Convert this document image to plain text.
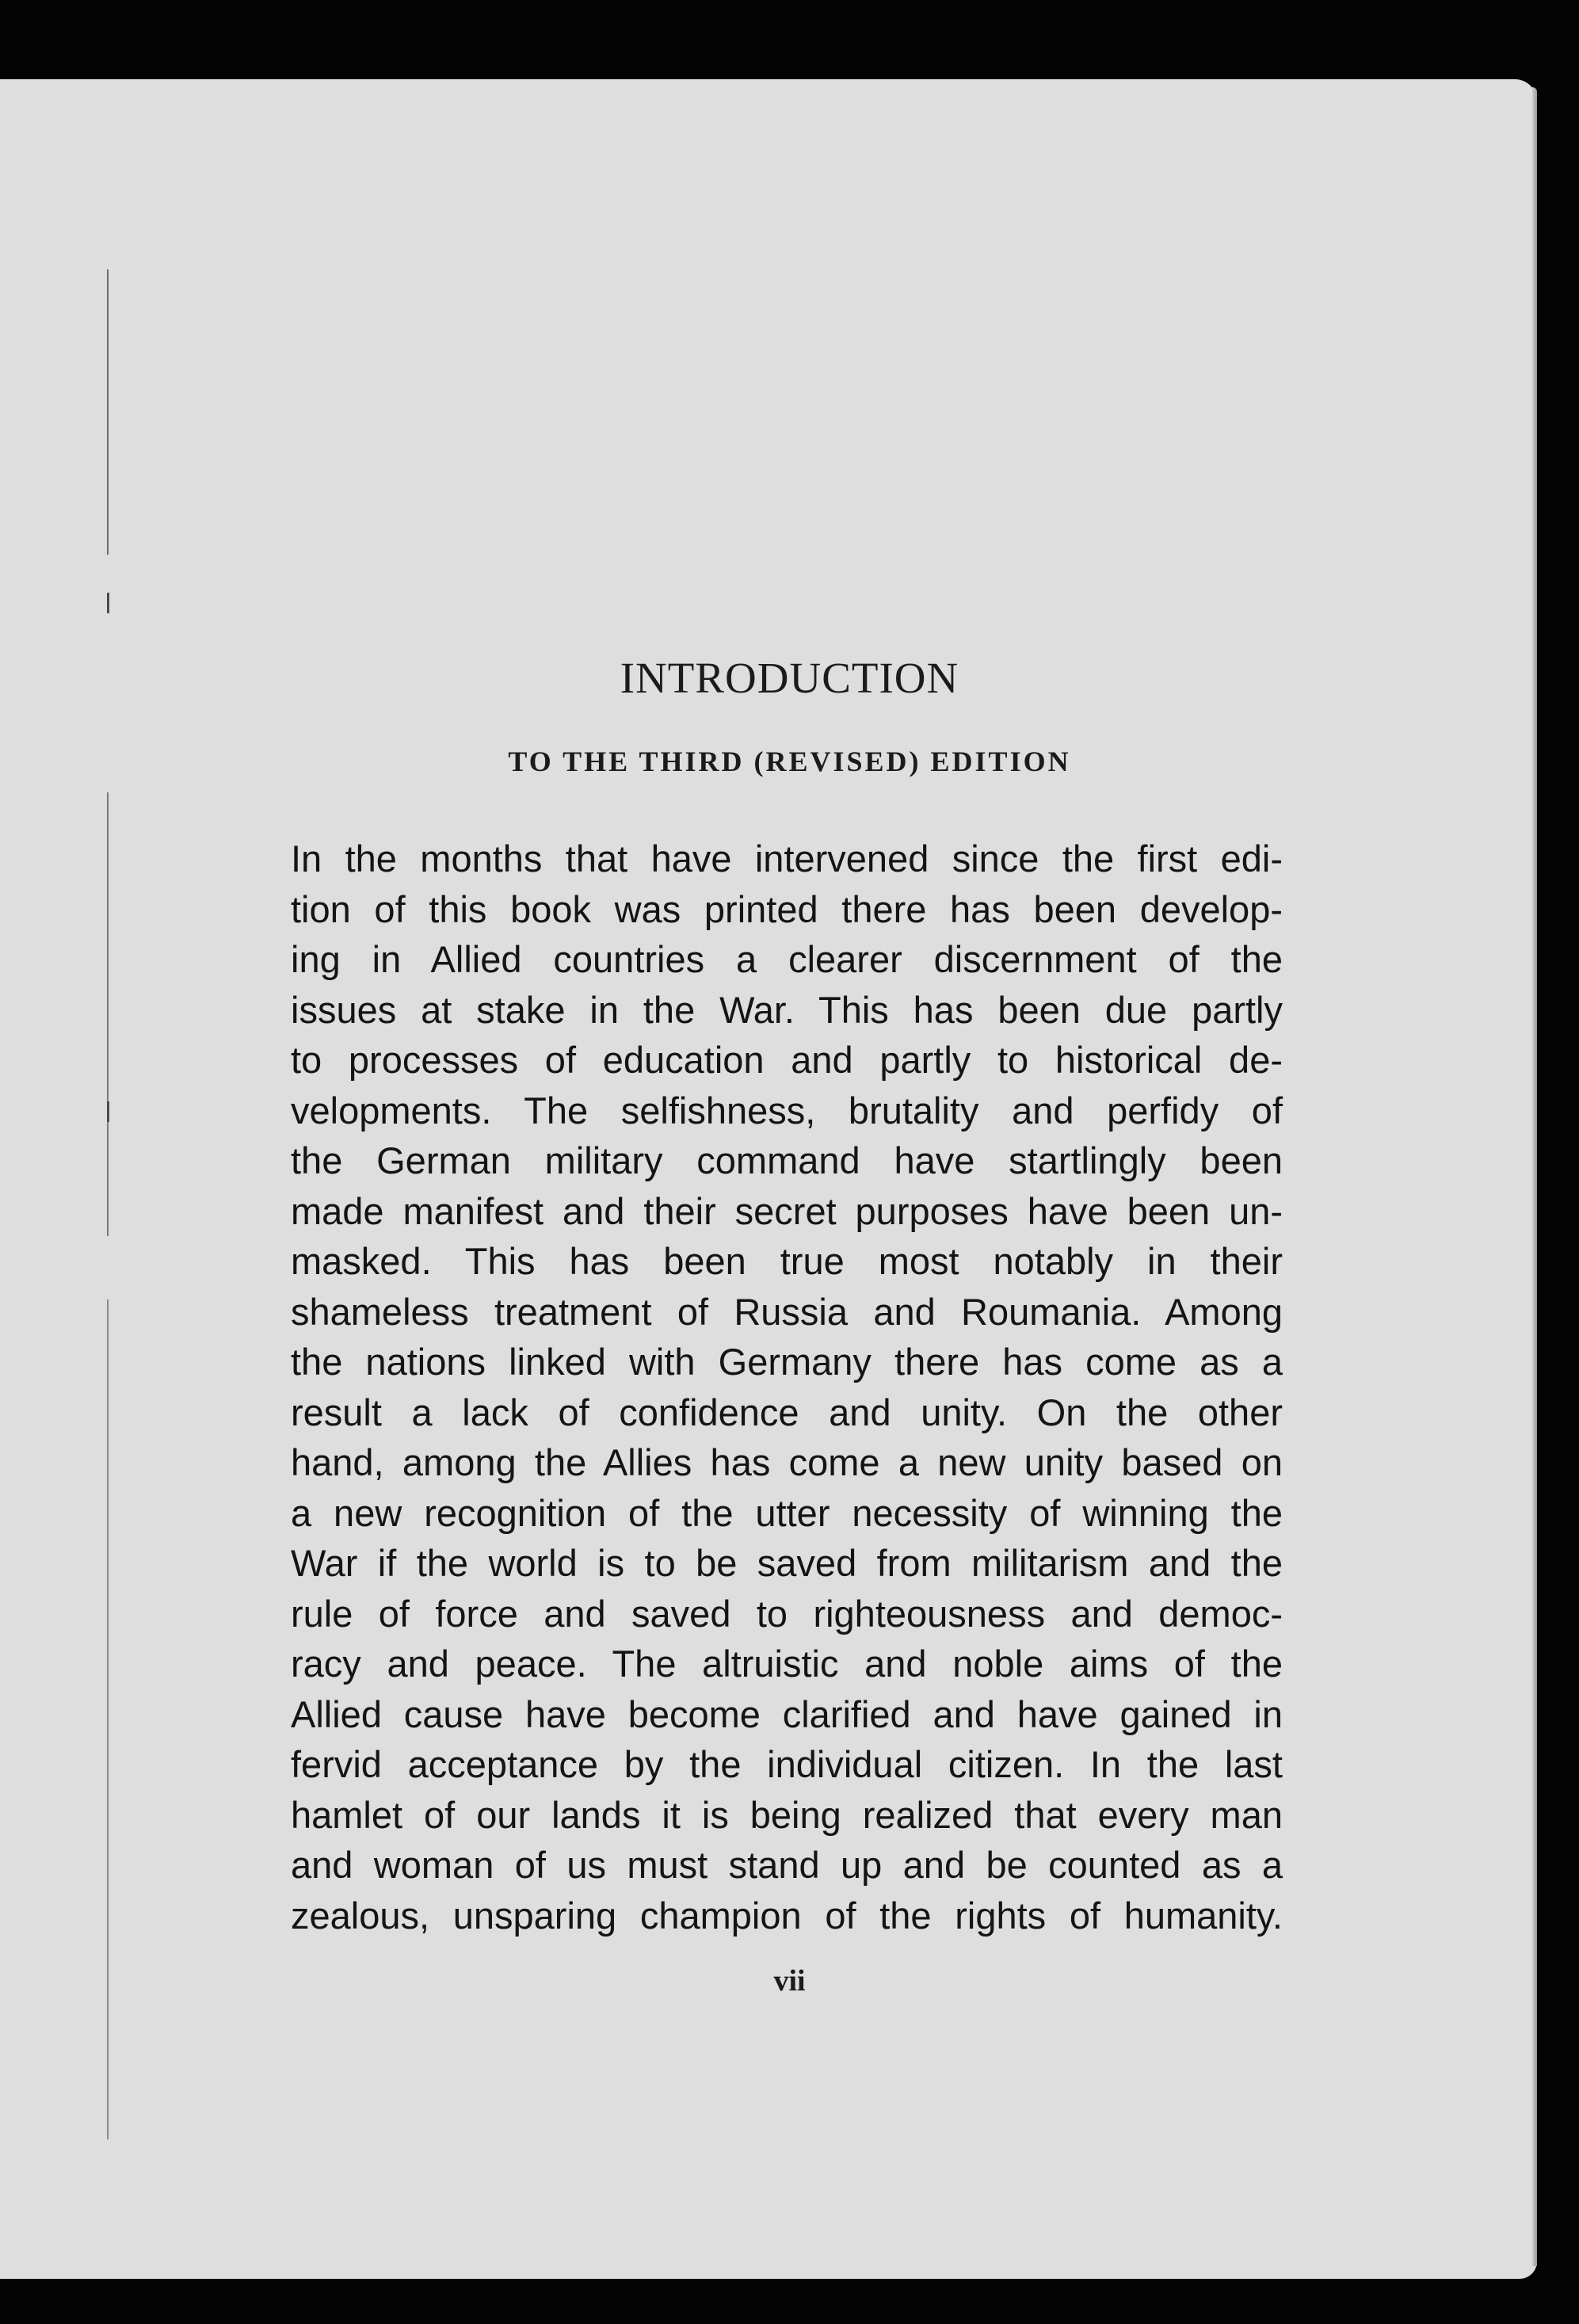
INTRODUCTION
TO THE THIRD (REVISED) EDITION
In the months that have intervened since the first edi-
tion of this book was printed there has been develop-
ing in Allied countries a clearer discernment of the
issues at stake in the War. This has been due partly
to processes of education and partly to historical de-
velopments. The selfishness, brutality and perfidy of
the German military command have startlingly been
made manifest and their secret purposes have been un-
masked. This has been true most notably in their
shameless treatment of Russia and Roumania. Among
the nations linked with Germany there has come as a
result a lack of confidence and unity. On the other
hand, among the Allies has come a new unity based on
a new recognition of the utter necessity of winning the
War if the world is to be saved from militarism and the
rule of force and saved to righteousness and democ-
racy and peace. The altruistic and noble aims of the
Allied cause have become clarified and have gained in
fervid acceptance by the individual citizen. In the last
hamlet of our lands it is being realized that every man
and woman of us must stand up and be counted as a
zealous, unsparing champion of the rights of humanity.
vii
